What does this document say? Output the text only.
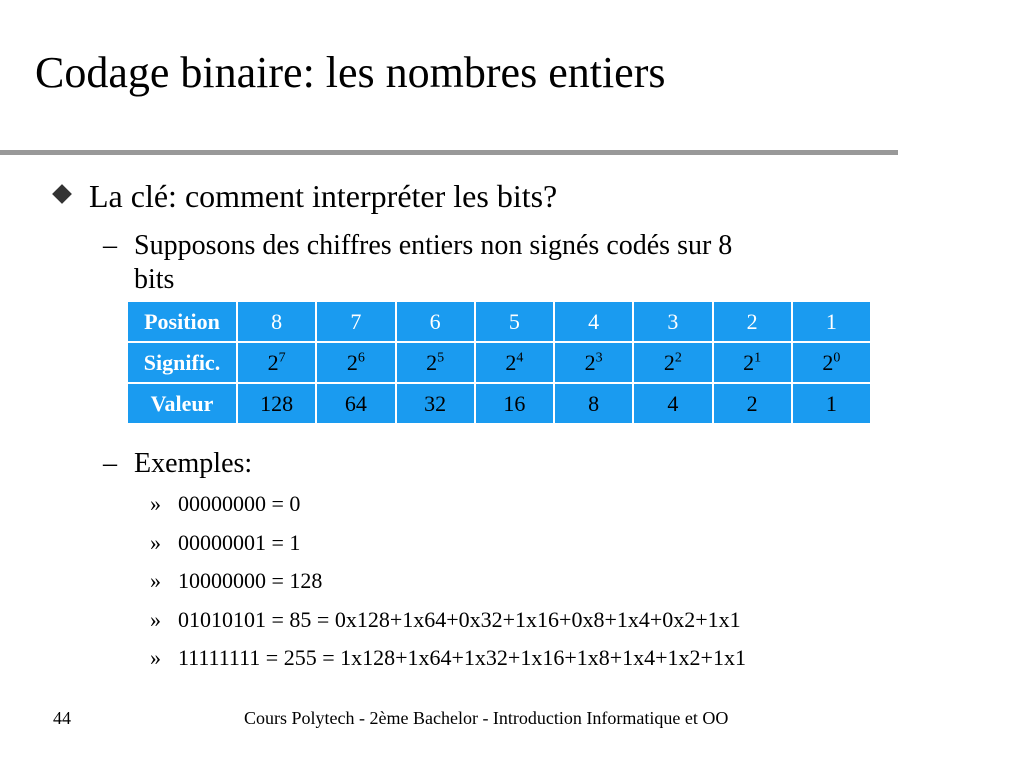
Codage binaire: les nombres entiers
La clé: comment interpréter les bits?
– Supposons des chiffres entiers non signés codés sur 8
bits
Position	8	7	6	5	4	3	2	1
Signific.	$2^7$	$2^6$	$2^5$	$2^4$	$2^3$	$2^2$	$2^1$	$2^0$
Valeur	128	64	32	16	8	4	2	1
– Exemples:
» 00000000 = 0
» 00000001 = 1
» 10000000 = 128
» 01010101 = 85 = 0x128+1x64+0x32+1x16+0x8+1x4+0x2+1x1
» 11111111 = 255 = 1x128+1x64+1x32+1x16+1x8+1x4+1x2+1x1
44	Cours Polytech - 2ème Bachelor - Introduction Informatique et OO
